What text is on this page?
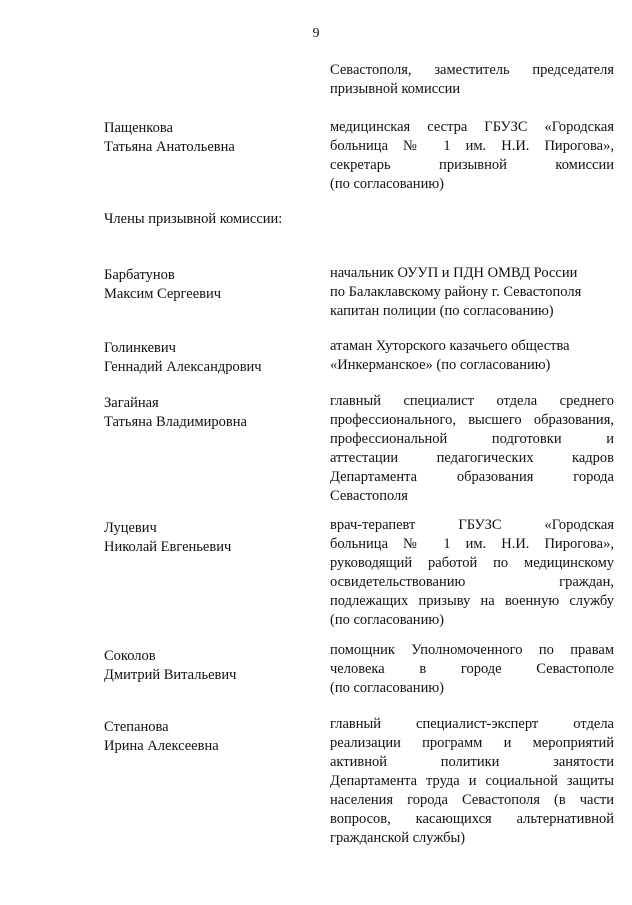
9
Севастополя, заместитель председателя
призывной комиссии
Пащенкова
Татьяна Анатольевна
медицинская сестра ГБУЗС «Городская
больница № 1 им. Н.И. Пирогова»,
секретарь призывной комиссии
(по согласованию)
Члены призывной комиссии:
Барбатунов
Максим Сергеевич
начальник ОУУП и ПДН ОМВД России
по Балаклавскому району г. Севастополя
капитан полиции (по согласованию)
Голинкевич
Геннадий Александрович
атаман Хуторского казачьего общества
«Инкерманское» (по согласованию)
Загайная
Татьяна Владимировна
главный специалист отдела среднего
профессионального, высшего образования,
профессиональной подготовки и
аттестации педагогических кадров
Департамента образования города
Севастополя
Луцевич
Николай Евгеньевич
врач-терапевт ГБУЗС «Городская
больница № 1 им. Н.И. Пирогова»,
руководящий работой по медицинскому
освидетельствованию граждан,
подлежащих призыву на военную службу
(по согласованию)
Соколов
Дмитрий Витальевич
помощник Уполномоченного по правам
человека в городе Севастополе
(по согласованию)
Степанова
Ирина Алексеевна
главный специалист-эксперт отдела
реализации программ и мероприятий
активной политики занятости
Департамента труда и социальной защиты
населения города Севастополя (в части
вопросов, касающихся альтернативной
гражданской службы)
